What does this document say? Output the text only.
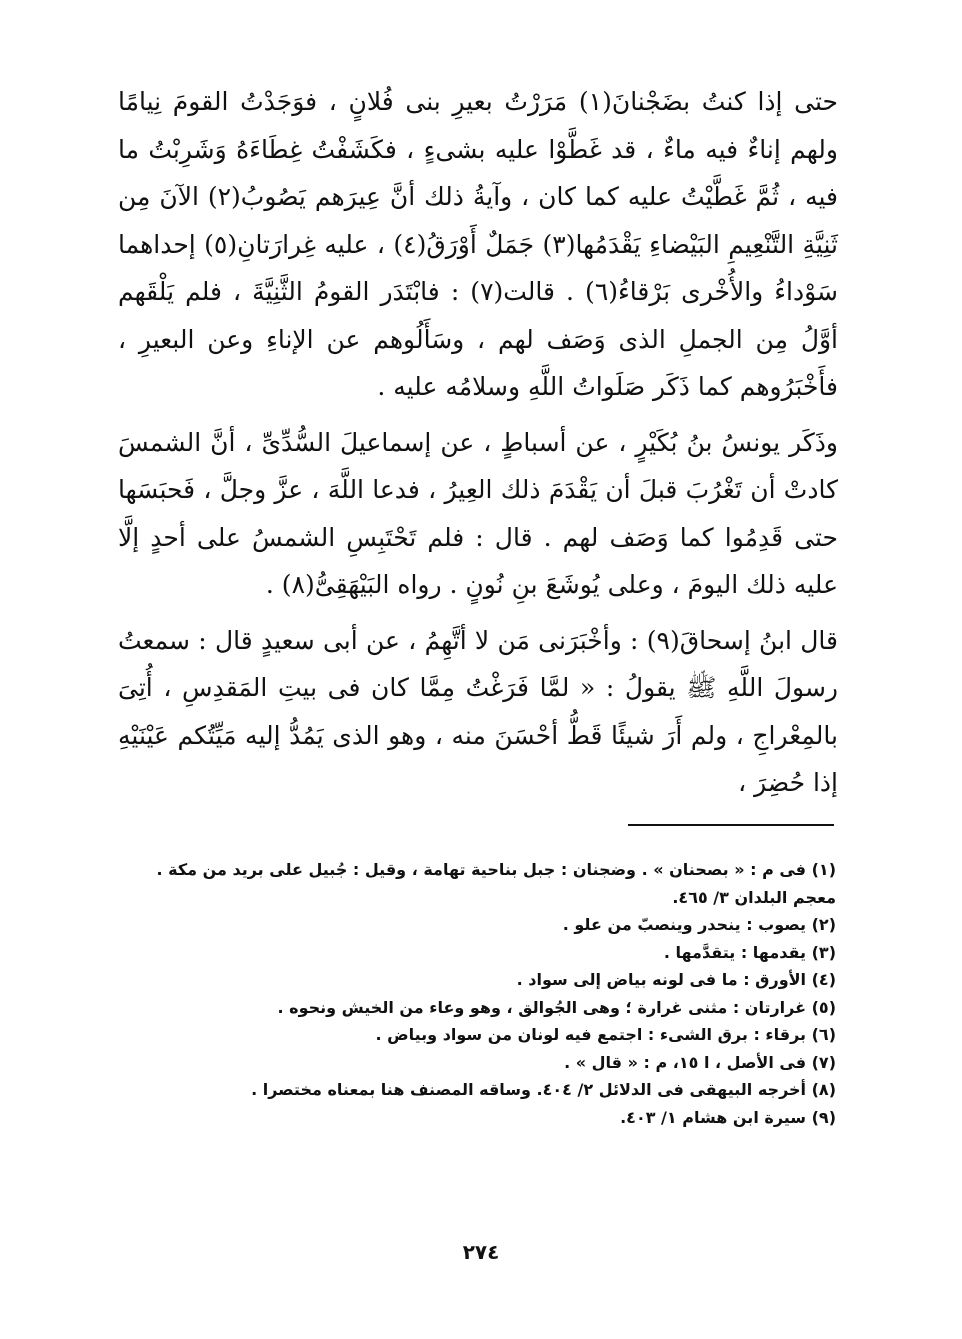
حتى إذا كنتُ بضَجْنانَ(١) مَرَرْتُ بعيرِ بنى فُلانٍ ، فوَجَدْتُ القومَ نِيامًا ولهم إناءٌ فيه ماءٌ ، قد غَطَّوْا عليه بشىءٍ ، فكَشَفْتُ غِطَاءَهُ وَشَرِبْتُ ما فيه ، ثُمَّ غَطَّيْتُ عليه كما كان ، وآيةُ ذلك أنَّ عِيرَهم يَصُوبُ(٢) الآنَ مِن ثَنِيَّةِ التَّنْعِيمِ البَيْضاءِ يَقْدَمُها(٣) جَمَلٌ أَوْرَقُ(٤) ، عليه غِرارَتانِ(٥) إحداهما سَوْداءُ والأُخْرى بَرْقاءُ(٦) . قالت(٧) : فابْتَدَر القومُ الثَّنِيَّةَ ، فلم يَلْقَهم أوَّلُ مِن الجملِ الذى وَصَف لهم ، وسَأَلُوهم عن الإناءِ وعن البعيرِ ، فأَخْبَرُوهم كما ذَكَر صَلَواتُ اللَّهِ وسلامُه عليه .

وذَكَر يونسُ بنُ بُكَيْرٍ ، عن أسباطٍ ، عن إسماعيلَ السُّدِّىِّ ، أنَّ الشمسَ كادتْ أن تَغْرُبَ قبلَ أن يَقْدَمَ ذلك العِيرُ ، فدعا اللَّهَ ، عزَّ وجلَّ ، فَحبَسَها حتى قَدِمُوا كما وَصَف لهم . قال : فلم تَحْتَبِسِ الشمسُ على أحدٍ إلَّا عليه ذلك اليومَ ، وعلى يُوشَعَ بنِ نُونٍ . رواه البَيْهَقِىُّ(٨) .

قال ابنُ إسحاقَ(٩) : وأخْبَرَنى مَن لا أتَّهِمُ ، عن أبى سعيدٍ قال : سمعتُ رسولَ اللَّهِ ﷺ يقولُ : « لمَّا فَرَغْتُ مِمَّا كان فى بيتِ المَقدِسِ ، أُتِىَ بالمِعْراجِ ، ولم أَرَ شيئًا قَطُّ أحْسَنَ منه ، وهو الذى يَمُدُّ إليه مَيِّتُكم عَيْنَيْهِ إذا حُضِرَ ،

(١) فى م : « بصحنان » . وضجنان : جبل بناحية تهامة ، وقيل : جُبيل على بريد من مكة . معجم البلدان ٣/ ٤٦٥.

(٢) يصوب : ينحدر وينصبّ من علو .

(٣) يقدمها : يتقدَّمها .

(٤) الأورق : ما فى لونه بياض إلى سواد .

(٥) غرارتان : مثنى غرارة ؛ وهى الجُوالق ، وهو وعاء من الخيش ونحوه .

(٦) برقاء : برق الشىء : اجتمع فيه لونان من سواد وبياض .

(٧) فى الأصل ، ا ١٥، م : « قال » .

(٨) أخرجه البيهقى فى الدلائل ٢/ ٤٠٤. وساقه المصنف هنا بمعناه مختصرا .

(٩) سيرة ابن هشام ١/ ٤٠٣.

٢٧٤
